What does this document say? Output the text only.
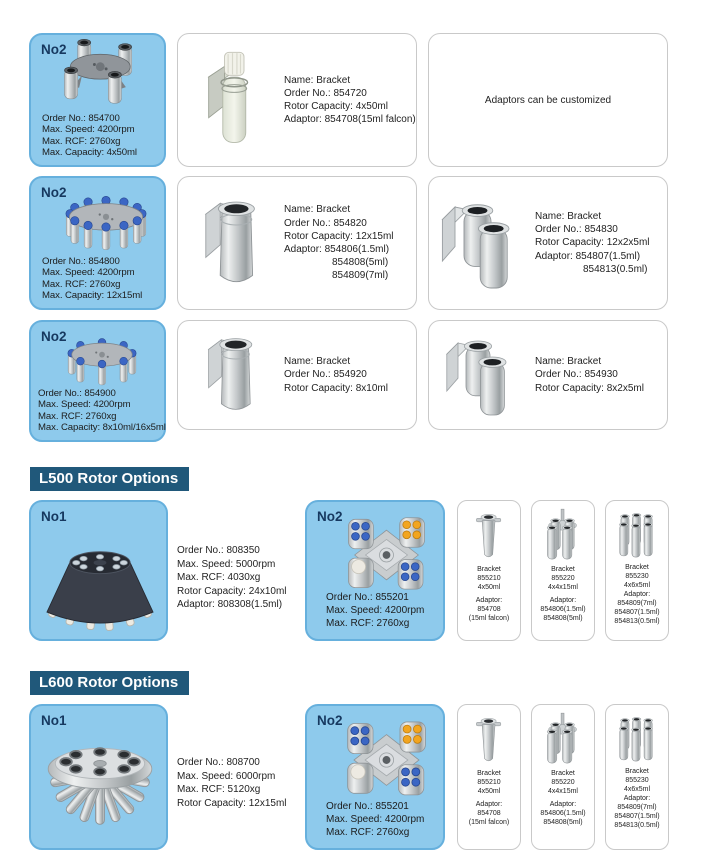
No2
Order No.: 854700
Max. Speed: 4200rpm
Max. RCF: 2760xg
Max. Capacity: 4x50ml
Name: Bracket
Order No.: 854720
Rotor Capacity: 4x50ml
Adaptor: 854708(15ml falcon)
Adaptors can be customized
No2
Order No.: 854800
Max. Speed: 4200rpm
Max. RCF: 2760xg
Max. Capacity: 12x15ml
Name: Bracket
Order No.: 854820
Rotor Capacity: 12x15ml
Adaptor: 854806(1.5ml)
854808(5ml)
854809(7ml)
Name: Bracket
Order No.: 854830
Rotor Capacity: 12x2x5ml
Adaptor: 854807(1.5ml)
854813(0.5ml)
No2
Order No.: 854900
Max. Speed: 4200rpm
Max. RCF: 2760xg
Max. Capacity: 8x10ml/16x5ml
Name: Bracket
Order No.: 854920
Rotor Capacity: 8x10ml
Name: Bracket
Order No.: 854930
Rotor Capacity: 8x2x5ml
L500 Rotor Options
No1
Order No.: 808350
Max. Speed: 5000rpm
Max. RCF: 4030xg
Rotor Capacity: 24x10ml
Adaptor: 808308(1.5ml)
No2
Order No.: 855201
Max. Speed: 4200rpm
Max. RCF: 2760xg
Bracket
855210
4x50ml
Adaptor:
854708
(15ml falcon)
Bracket
855220
4x4x15ml
Adaptor:
854806(1.5ml)
854808(5ml)
Bracket
855230
4x6x5ml
Adaptor:
854809(7ml)
854807(1.5ml)
854813(0.5ml)
L600 Rotor Options
No1
Order No.: 808700
Max. Speed: 6000rpm
Max. RCF: 5120xg
Rotor Capacity: 12x15ml
No2
Order No.: 855201
Max. Speed: 4200rpm
Max. RCF: 2760xg
Bracket
855210
4x50ml
Adaptor:
854708
(15ml falcon)
Bracket
855220
4x4x15ml
Adaptor:
854806(1.5ml)
854808(5ml)
Bracket
855230
4x6x5ml
Adaptor:
854809(7ml)
854807(1.5ml)
854813(0.5ml)
